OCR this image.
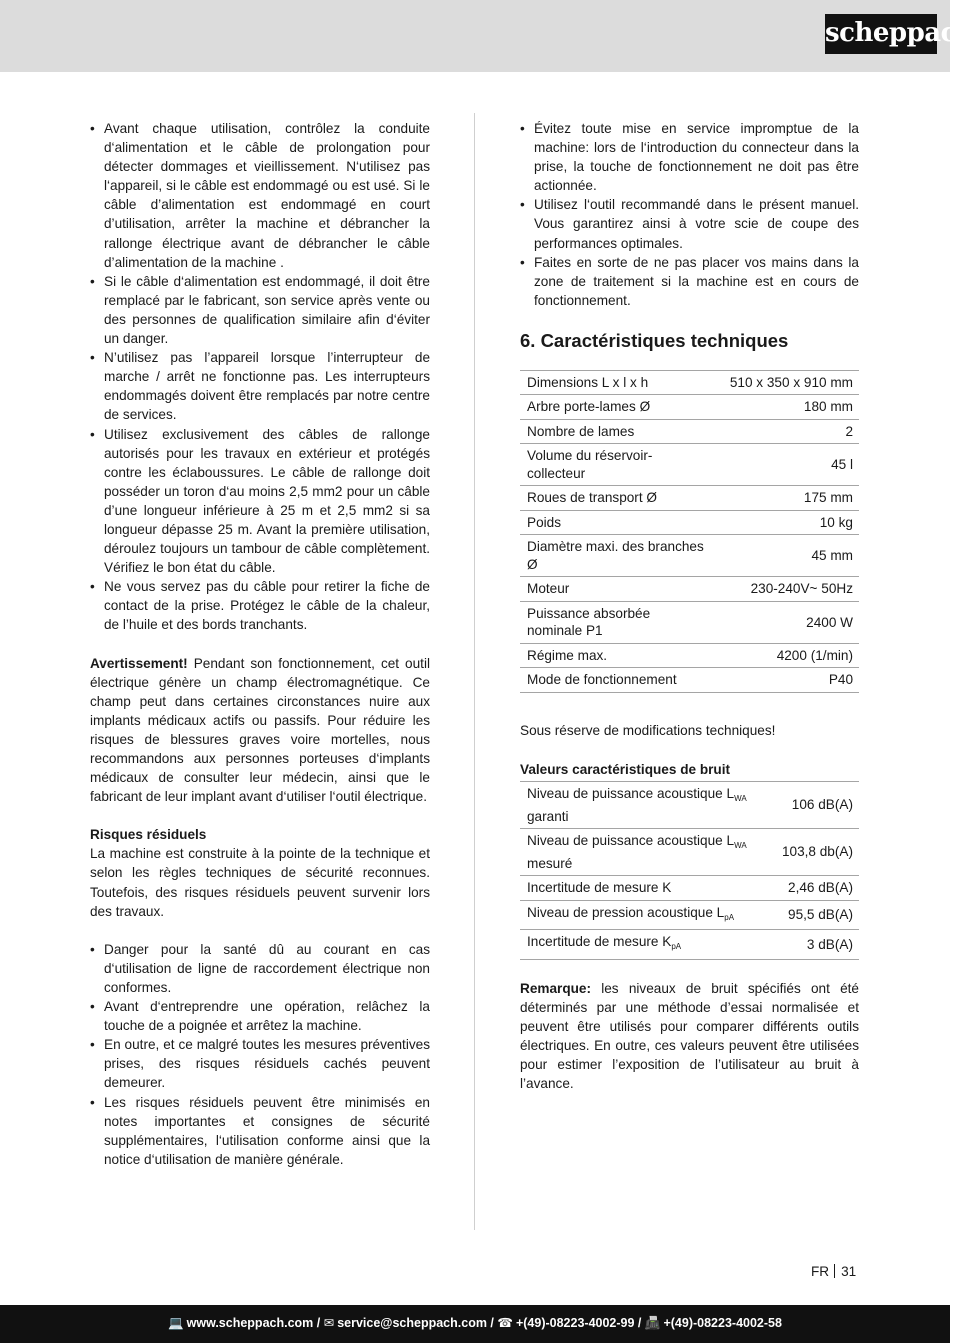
scheppach
• Avant chaque utilisation, contrôlez la conduite d‘alimentation et le câble de prolongation pour détecter dommages et vieillissement. N‘utilisez pas l‘appareil, si le câble est endommagé ou est usé. Si le câble d’alimentation est endommagé en court d’utilisation, arrêter la machine et débrancher la rallonge électrique avant de débrancher le câble d’alimentation de la machine .
• Si le câble d‘alimentation est endommagé, il doit être remplacé par le fabricant, son service après vente ou des personnes de qualification similaire afin d‘éviter un danger.
• N’utilisez pas l’appareil lorsque l’interrupteur de marche / arrêt ne fonctionne pas. Les interrupteurs endommagés doivent être remplacés par notre centre de services.
• Utilisez exclusivement des câbles de rallonge autorisés pour les travaux en extérieur et protégés contre les éclaboussures. Le câble de rallonge doit posséder un toron d‘au moins 2,5 mm2 pour un câble d’une longueur inférieure à 25 m et 2,5 mm2 si sa longueur dépasse 25 m. Avant la première utilisation, déroulez toujours un tambour de câble complètement. Vérifiez le bon état du câble.
• Ne vous servez pas du câble pour retirer la fiche de contact de la prise. Protégez le câble de la chaleur, de l’huile et des bords tranchants.

Avertissement! Pendant son fonctionnement, cet outil électrique génère un champ électromagnétique. Ce champ peut dans certaines circonstances nuire aux implants médicaux actifs ou passifs. Pour réduire les risques de blessures graves voire mortelles, nous recommandons aux personnes porteuses d‘implants médicaux de consulter leur médecin, ainsi que le fabricant de leur implant avant d‘utiliser l‘outil électrique.

Risques résiduels

La machine est construite à la pointe de la technique et selon les règles techniques de sécurité reconnues. Toutefois, des risques résiduels peuvent survenir lors des travaux.

• Danger pour la santé dû au courant en cas d‘utilisation de ligne de raccordement électrique non conformes.
• Avant d‘entreprendre une opération, relâchez la touche de a poignée et arrêtez la machine.
• En outre, et ce malgré toutes les mesures préventives prises, des risques résiduels cachés peuvent demeurer.
• Les risques résiduels peuvent être minimisés en notes importantes et consignes de sécurité supplémentaires, l‘utilisation conforme ainsi que la notice d‘utilisation de manière générale.
• Évitez toute mise en service impromptue de la machine: lors de l‘introduction du connecteur dans la prise, la touche de fonctionnement ne doit pas être actionnée.
• Utilisez l‘outil recommandé dans le présent manuel. Vous garantirez ainsi à votre scie de coupe des performances optimales.
• Faites en sorte de ne pas placer vos mains dans la zone de traitement si la machine est en cours de fonctionnement.
6. Caractéristiques techniques
Dimensions L x l x h	510 x 350 x 910 mm
Arbre porte-lames Ø	180 mm
Nombre de lames	2
Volume du réservoir-collecteur	45 l
Roues de transport Ø	175 mm
Poids	10 kg
Diamètre maxi. des branches Ø	45 mm
Moteur	230-240V~ 50Hz
Puissance absorbée nominale P1	2400 W
Régime max.	4200 (1/min)
Mode de fonctionnement	P40

Sous réserve de modifications techniques!

Valeurs caractéristiques de bruit

Niveau de puissance acoustique $L_{WA}$ garanti	106 dB(A)
Niveau de puissance acoustique $L_{WA}$ mesuré	103,8 db(A)
Incertitude de mesure K	2,46 dB(A)
Niveau de pression acoustique $L_{pA}$	95,5 dB(A)
Incertitude de mesure $K_{pA}$	3 dB(A)

Remarque: les niveaux de bruit spécifiés ont été déterminés par une méthode d’essai normalisée et peuvent être utilisés pour comparer différents outils électriques. En outre, ces valeurs peuvent être utilisées pour estimer l’exposition de l’utilisateur au bruit à l’avance.

FR 31
💻 www.scheppach.com / ✉ service@scheppach.com / ☎ +(49)-08223-4002-99 / 📠 +(49)-08223-4002-58
